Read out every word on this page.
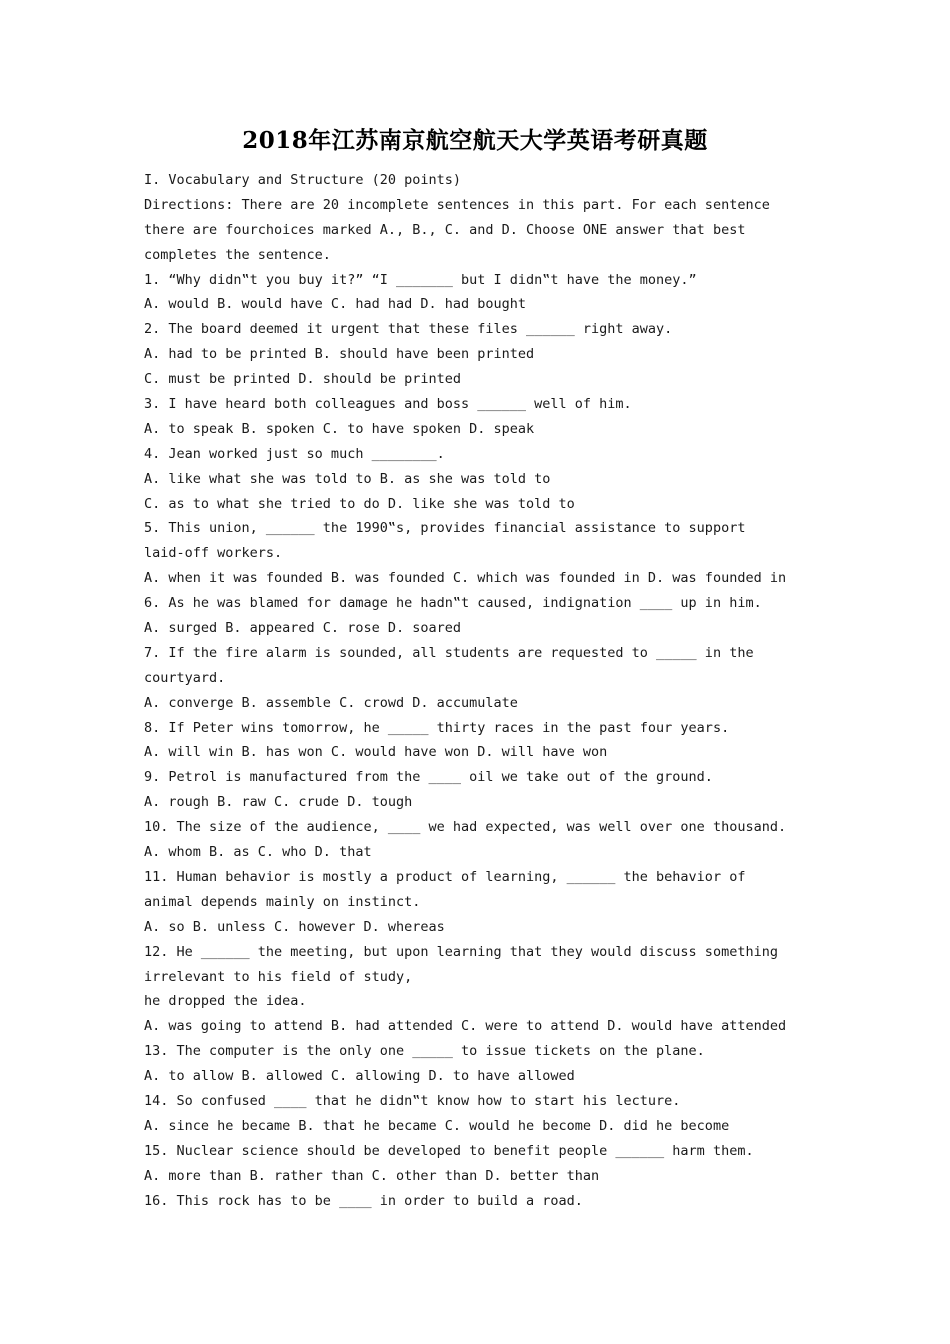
2018年江苏南京航空航天大学英语考研真题
I. Vocabulary and Structure (20 points)
Directions: There are 20 incomplete sentences in this part. For each sentence
there are fourchoices marked A., B., C. and D. Choose ONE answer that best
completes the sentence.
1. “Why didn‟t you buy it?” “I _______ but I didn‟t have the money.”
A. would B. would have C. had had D. had bought
2. The board deemed it urgent that these files ______ right away.
A. had to be printed B. should have been printed
C. must be printed D. should be printed
3. I have heard both colleagues and boss ______ well of him.
A. to speak B. spoken C. to have spoken D. speak
4. Jean worked just so much ________.
A. like what she was told to B. as she was told to
C. as to what she tried to do D. like she was told to
5. This union, ______ the 1990‟s, provides financial assistance to support
laid-off workers.
A. when it was founded B. was founded C. which was founded in D. was founded in
6. As he was blamed for damage he hadn‟t caused, indignation ____ up in him.
A. surged B. appeared C. rose D. soared
7. If the fire alarm is sounded, all students are requested to _____ in the
courtyard.
A. converge B. assemble C. crowd D. accumulate
8. If Peter wins tomorrow, he _____ thirty races in the past four years.
A. will win B. has won C. would have won D. will have won
9. Petrol is manufactured from the ____ oil we take out of the ground.
A. rough B. raw C. crude D. tough
10. The size of the audience, ____ we had expected, was well over one thousand.
A. whom B. as C. who D. that
11. Human behavior is mostly a product of learning, ______ the behavior of
animal depends mainly on instinct.
A. so B. unless C. however D. whereas
12. He ______ the meeting, but upon learning that they would discuss something
irrelevant to his field of study,
he dropped the idea.
A. was going to attend B. had attended C. were to attend D. would have attended
13. The computer is the only one _____ to issue tickets on the plane.
A. to allow B. allowed C. allowing D. to have allowed
14. So confused ____ that he didn‟t know how to start his lecture.
A. since he became B. that he became C. would he become D. did he become
15. Nuclear science should be developed to benefit people ______ harm them.
A. more than B. rather than C. other than D. better than
16. This rock has to be ____ in order to build a road.
